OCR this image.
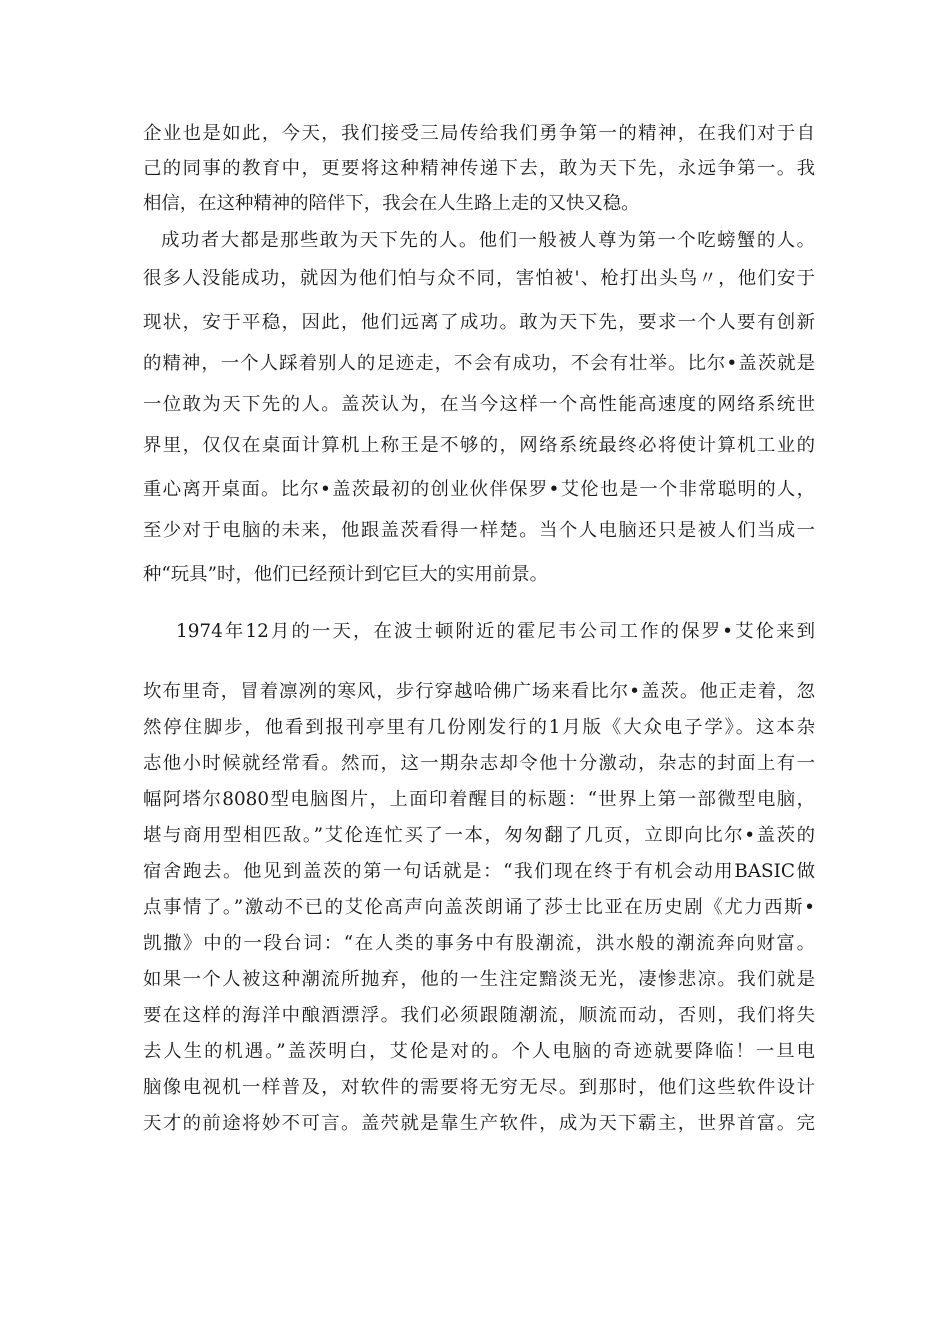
企业也是如此，今天，我们接受三局传给我们勇争第一的精神，在我们对于自
己的同事的教育中，更要将这种精神传递下去，敢为天下先，永远争第一。我
相信，在这种精神的陪伴下，我会在人生路上走的又快又稳。
成功者大都是那些敢为天下先的人。他们一般被人尊为第一个吃螃蟹的人。
很多人没能成功，就因为他们怕与众不同，害怕被'、枪打出头鸟〃，他们安于
现状，安于平稳，因此，他们远离了成功。敢为天下先，要求一个人要有创新
的精神，一个人踩着别人的足迹走，不会有成功，不会有壮举。比尔•盖茨就是
一位敢为天下先的人。盖茨认为，在当今这样一个高性能高速度的网络系统世
界里，仅仅在桌面计算机上称王是不够的，网络系统最终必将使计算机工业的
重心离开桌面。比尔•盖茨最初的创业伙伴保罗•艾伦也是一个非常聪明的人，
至少对于电脑的未来，他跟盖茨看得一样楚。当个人电脑还只是被人们当成一
种“玩具”时，他们已经预计到它巨大的实用前景。
1974年12月的一天，在波士顿附近的霍尼韦公司工作的保罗•艾伦来到
坎布里奇，冒着凛冽的寒风，步行穿越哈佛广场来看比尔•盖茨。他正走着，忽
然停住脚步，他看到报刊亭里有几份刚发行的1月版《大众电子学》。这本杂
志他小时候就经常看。然而，这一期杂志却令他十分激动，杂志的封面上有一
幅阿塔尔8080型电脑图片，上面印着醒目的标题：“世界上第一部微型电脑，
堪与商用型相匹敌。”艾伦连忙买了一本，匆匆翻了几页，立即向比尔•盖茨的
宿舍跑去。他见到盖茨的第一句话就是：“我们现在终于有机会动用BASIC做
点事情了。”激动不已的艾伦高声向盖茨朗诵了莎士比亚在历史剧《尤力西斯•
凯撒》中的一段台词：“在人类的事务中有股潮流，洪水般的潮流奔向财富。
如果一个人被这种潮流所抛弃，他的一生注定黯淡无光，凄惨悲凉。我们就是
要在这样的海洋中酿酒漂浮。我们必须跟随潮流，顺流而动，否则，我们将失
去人生的机遇。”盖茨明白，艾伦是对的。个人电脑的奇迹就要降临！一旦电
脑像电视机一样普及，对软件的需要将无穷无尽。到那时，他们这些软件设计
天才的前途将妙不可言。盖茓就是靠生产软件，成为天下霸主，世界首富。完
